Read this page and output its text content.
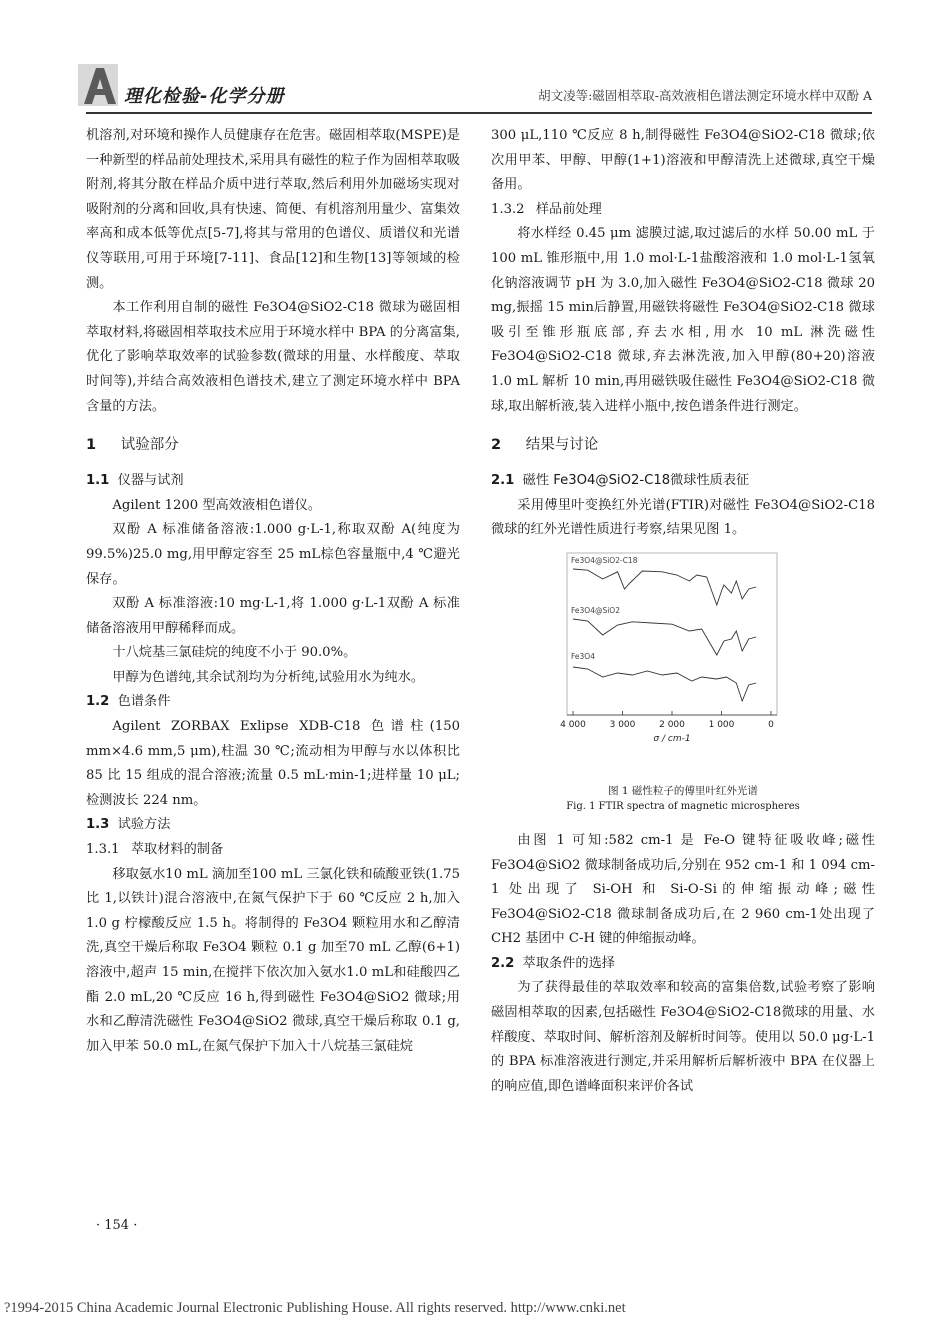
A 理化检验-化学分册	胡文凌等:磁固相萃取-高效液相色谱法测定环境水样中双酚 A

机溶剂,对环境和操作人员健康存在危害。磁固相萃取(MSPE)是一种新型的样品前处理技术,采用具有磁性的粒子作为固相萃取吸附剂,将其分散在样品介质中进行萃取,然后利用外加磁场实现对吸附剂的分离和回收,具有快速、简便、有机溶剂用量少、富集效率高和成本低等优点[5-7],将其与常用的色谱仪、质谱仪和光谱仪等联用,可用于环境[7-11]、食品[12]和生物[13]等领域的检测。

本工作利用自制的磁性 Fe3O4@SiO2-C18 微球为磁固相萃取材料,将磁固相萃取技术应用于环境水样中 BPA 的分离富集,优化了影响萃取效率的试验参数(微球的用量、水样酸度、萃取时间等),并结合高效液相色谱技术,建立了测定环境水样中 BPA 含量的方法。

1 试验部分
1.1 仪器与试剂

Agilent 1200 型高效液相色谱仪。

双酚 A 标准储备溶液:1.000 g·L-1,称取双酚 A(纯度为 99.5%)25.0 mg,用甲醇定容至 25 mL棕色容量瓶中,4 ℃避光保存。

双酚 A 标准溶液:10 mg·L-1,将 1.000 g·L-1双酚 A 标准储备溶液用甲醇稀释而成。

十八烷基三氯硅烷的纯度不小于 90.0%。

甲醇为色谱纯,其余试剂均为分析纯,试验用水为纯水。

1.2 色谱条件

Agilent ZORBAX Exlipse XDB-C18 色谱柱(150 mm×4.6 mm,5 μm),柱温 30 ℃;流动相为甲醇与水以体积比 85 比 15 组成的混合溶液;流量 0.5 mL·min-1;进样量 10 μL;检测波长 224 nm。

1.3 试验方法
1.3.1 萃取材料的制备

移取氨水10 mL 滴加至100 mL 三氯化铁和硫酸亚铁(1.75 比 1,以铁计)混合溶液中,在氮气保护下于 60 ℃反应 2 h,加入 1.0 g 柠檬酸反应 1.5 h。将制得的 Fe3O4 颗粒用水和乙醇清洗,真空干燥后称取 Fe3O4 颗粒 0.1 g 加至70 mL 乙醇(6+1)溶液中,超声 15 min,在搅拌下依次加入氨水1.0 mL和硅酸四乙酯 2.0 mL,20 ℃反应 16 h,得到磁性 Fe3O4@SiO2 微球;用水和乙醇清洗磁性 Fe3O4@SiO2 微球,真空干燥后称取 0.1 g,加入甲苯 50.0 mL,在氮气保护下加入十八烷基三氯硅烷

300 μL,110 ℃反应 8 h,制得磁性 Fe3O4@SiO2-C18 微球;依次用甲苯、甲醇、甲醇(1+1)溶液和甲醇清洗上述微球,真空干燥备用。

1.3.2 样品前处理

将水样经 0.45 μm 滤膜过滤,取过滤后的水样 50.00 mL 于 100 mL 锥形瓶中,用 1.0 mol·L-1盐酸溶液和 1.0 mol·L-1氢氧化钠溶液调节 pH 为 3.0,加入磁性 Fe3O4@SiO2-C18 微球 20 mg,振摇 15 min后静置,用磁铁将磁性 Fe3O4@SiO2-C18 微球吸引至锥形瓶底部,弃去水相,用水 10 mL 淋洗磁性 Fe3O4@SiO2-C18 微球,弃去淋洗液,加入甲醇(80+20)溶液 1.0 mL 解析 10 min,再用磁铁吸住磁性 Fe3O4@SiO2-C18 微球,取出解析液,装入进样小瓶中,按色谱条件进行测定。

2 结果与讨论
2.1 磁性 Fe3O4@SiO2-C18微球性质表征

采用傅里叶变换红外光谱(FTIR)对磁性 Fe3O4@SiO2-C18微球的红外光谱性质进行考察,结果见图 1。

Fe3O4@SiO2-C18
Fe3O4@SiO2
Fe3O4
4 000	3 000	2 000	1 000	0
σ / cm-1

图 1 磁性粒子的傅里叶红外光谱

Fig. 1 FTIR spectra of magnetic microspheres

由图 1 可知:582 cm-1 是 Fe-O 键特征吸收峰;磁性 Fe3O4@SiO2 微球制备成功后,分别在 952 cm-1 和 1 094 cm-1 处出现了 Si-OH 和 Si-O-Si的伸缩振动峰;磁性 Fe3O4@SiO2-C18 微球制备成功后,在 2 960 cm-1处出现了 CH2 基团中 C-H 键的伸缩振动峰。

2.2 萃取条件的选择

为了获得最佳的萃取效率和较高的富集倍数,试验考察了影响磁固相萃取的因素,包括磁性 Fe3O4@SiO2-C18微球的用量、水样酸度、萃取时间、解析溶剂及解析时间等。使用以 50.0 μg·L-1的 BPA 标准溶液进行测定,并采用解析后解析液中 BPA 在仪器上的响应值,即色谱峰面积来评价各试

· 154 ·
?1994-2015 China Academic Journal Electronic Publishing House. All rights reserved. http://www.cnki.net
